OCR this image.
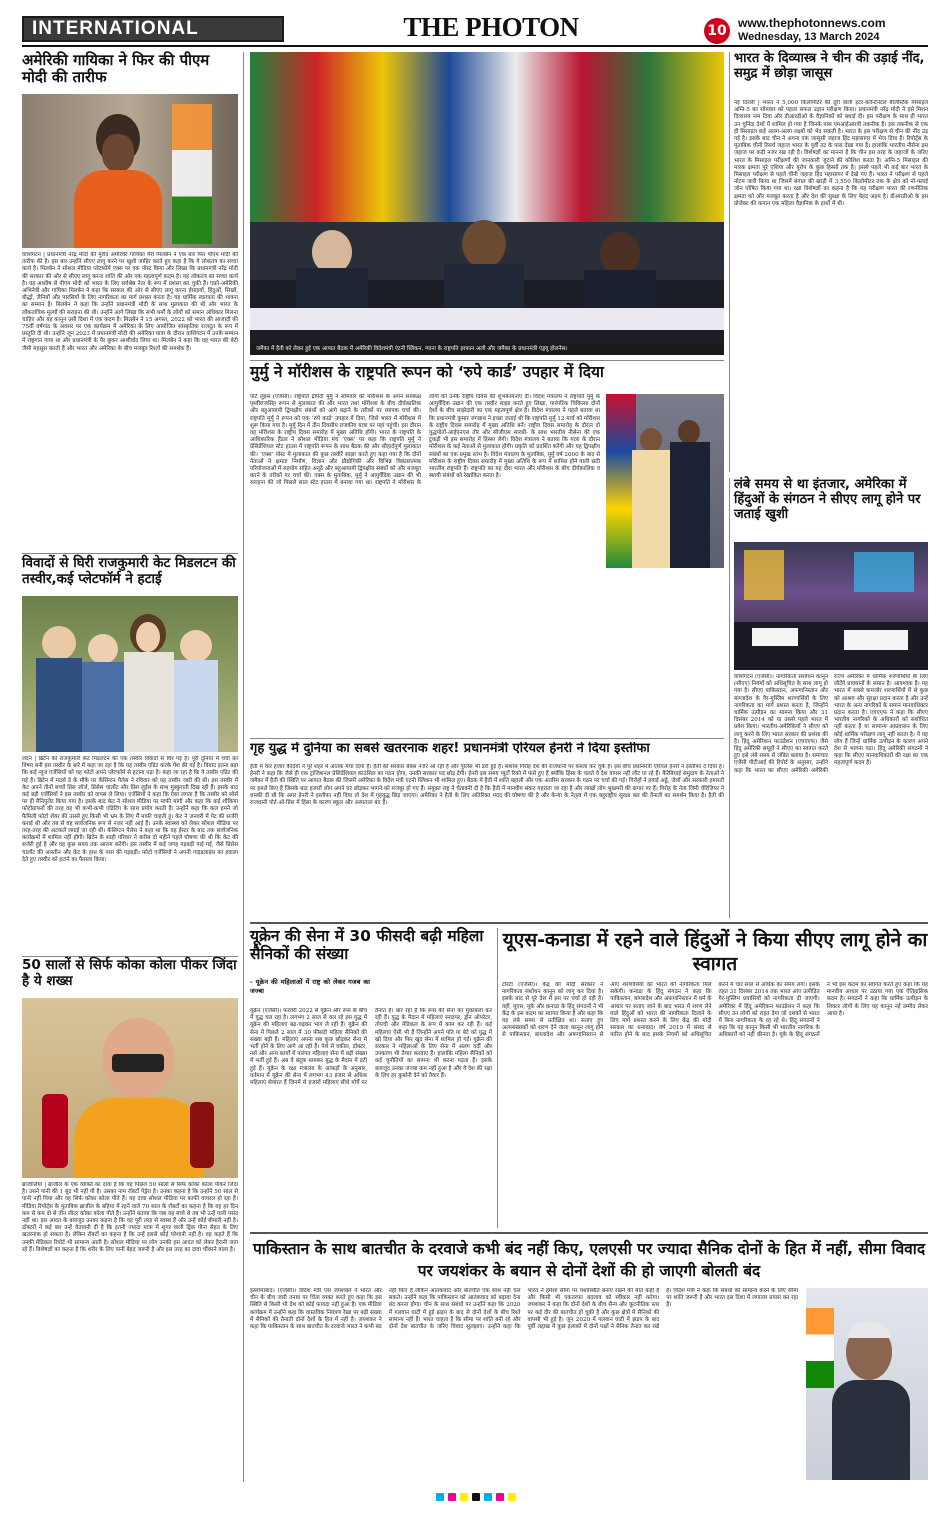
INTERNATIONAL	THE PHOTON	10 www.thephotonnews.com
Wednesday, 13 March 2024
अमेरिकी गायिका ने फिर की पीएम मोदी की तारीफ
वाशिंगटन | प्रधानमंत्री नरेंद्र मोदी की मुरीद अमेरिकी गायिका मैरी मिलबेन ने एक बार फिर पीएम मोदी की तारीफ की है। इस बार उन्होंने सीएए लागू करने पर खुशी जाहिर करते हुए कहा है कि ये लोकतंत्र का सच्चा कार्य है। मिलबेन ने सोशल मीडिया प्लेटफॉर्म एक्स पर एक पोस्ट किया और लिखा कि प्रधानमंत्री नरेंद्र मोदी की सरकार की ओर से सीएए लागू करना शांति की ओर एक महत्वपूर्ण कदम है। यह लोकतंत्र का सच्चा कार्य है। वह आशीष से पीएम मोदी को भारत के लिए सर्वश्रेष्ठ नेता के रूप में प्रशंसा कर चुकी हैं। एफ्रो-अमेरिकी अभिनेत्री और गायिका मिलबेन ने कहा कि सरकार की ओर से सीएए लागू करना ईसाइयों, हिंदुओं, सिखों, बौद्धों, जैनियों और पारसियों के लिए नागरिकता का मार्ग प्रशस्त करता है। यह धार्मिक स्वतंत्रता की भावना का सम्मान है। मिलबेन ने कहा कि उन्होंने प्रधानमंत्री मोदी के साथ मुलाकात की थी और भारत के लोकतांत्रिक मूल्यों की सराहना की थी। उन्होंने आगे लिखा कि सभी धर्मों के लोगों को समान अधिकार मिलना चाहिए और यह कानून उसी दिशा में एक कदम है। मिलबेन ने 15 अगस्त, 2022 को भारत की आजादी की 75वीं वर्षगांठ के अवसर पर एक कार्यक्रम में अमेरिका के लिए आयोजित सांस्कृतिक राजदूत के रूप में प्रस्तुति दी थी। उन्होंने जून 2023 में प्रधानमंत्री मोदी की अमेरिका यात्रा के दौरान वाशिंगटन में उनके सम्मान में राष्ट्रगान गाया था और प्रधानमंत्री के पैर छूकर आशीर्वाद लिया था। मिलबेन ने कहा कि वह भारत की बेटी जैसी महसूस करती हैं और भारत और अमेरिका के बीच मजबूत रिश्तों की समर्थक हैं।
विवादों से घिरी राजकुमारी केट मिडलटन की तस्वीर,कई प्लेटफॉर्म ने हटाई
लंदन | ब्रिटेन की राजकुमारी केट मिडलटन की एक तस्वीर विवादों से घिर गई है। पूरी दुनिया में चर्चा का विषय बनी इस तस्वीर के बारे में कहा जा रहा है कि यह तस्वीर एडिट करके पेश की गई है। विवाद इतना बढ़ा कि कई न्यूज एजेंसियों को यह फोटो अपने प्लेटफॉर्म से हटाना पड़ा है। कहा जा रहा है कि ये तस्वीर एडिट की गई है। ब्रिटेन में मदर्स डे के मौके पर केंसिंग्टन पैलेस ने रविवार को यह तस्वीर जारी की थी। इस तस्वीर में केट अपने तीनों बच्चों प्रिंस जॉर्ज, प्रिंसेस चार्लोट और प्रिंस लुईस के साथ मुस्कुराती दिख रही हैं। इसके बाद कई बड़ी एजेंसियों ने इस तस्वीर को वापस ले लिया। एजेंसियों ने कहा कि ऐसा लगता है कि तस्वीर को सोर्स पर ही मैनिपुलेट किया गया है। इसके बाद केट ने सोशल मीडिया पर माफी मांगी और कहा कि कई शौकिया फोटोग्राफरों की तरह वह भी कभी-कभी एडिटिंग के साथ प्रयोग करती हैं। उन्होंने कहा कि कल हमने जो फैमिली फोटो शेयर की उससे हुए किसी भी भ्रम के लिए मैं माफी चाहती हूं। केट ने जनवरी में पेट की सर्जरी कराई थी और तब से वह सार्वजनिक रूप से नजर नहीं आई हैं। उनके स्वास्थ्य को लेकर सोशल मीडिया पर तरह-तरह की अटकलें लगाई जा रही थीं। केंसिंग्टन पैलेस ने कहा था कि वह ईस्टर के बाद तक सार्वजनिक कार्यक्रमों में शामिल नहीं होंगी। ब्रिटेन के शाही परिवार ने करीब दो महीने पहले घोषणा की थी कि केट की सर्जरी हुई है और वह कुछ समय तक आराम करेंगी। इस तस्वीर में कई जगह गड़बड़ी पाई गई, जैसे प्रिंसेस चार्लोट की आस्तीन और केट के हाथ के पास की गड़बड़ी। फोटो एजेंसियों ने अपनी गाइडलाइंस का हवाला देते हुए तस्वीर को हटाने का फैसला किया।
50 सालों से सिर्फ कोका कोला पीकर जिंदा है ये शख्स
ब्राजीलिया | ब्राजील के एक व्यक्ति का दावा है कि वह पिछले 50 सालों से सिर्फ कोका कोला पीकर जिंदा है। उसने पानी की 1 बूंद भी नहीं पी है। उसका नाम रॉबर्टो पेड्रेरा है। उनका कहना है कि उन्होंने 50 साल से पानी नहीं पिया और वह सिर्फ कोका कोला पीते हैं। यह दावा सोशल मीडिया पर काफी वायरल हो रहा है। मीडिया रिपोर्ट्स के मुताबिक ब्राजील के बहिया में रहने वाले 70 साल के रॉबर्टो का कहना है कि वह हर दिन कम से कम दो से तीन लीटर कोका कोला पीते हैं। उन्होंने बताया कि जब वह बच्चे थे तब भी उन्हें पानी पसंद नहीं था। इस आदत के बावजूद उनका कहना है कि वह पूरी तरह से स्वस्थ हैं और उन्हें कोई बीमारी नहीं है। डॉक्टरों ने कई बार उन्हें चेतावनी दी है कि इतनी ज्यादा मात्रा में शुगर वाली ड्रिंक पीना सेहत के लिए खतरनाक हो सकता है। लेकिन रॉबर्टो का कहना है कि उन्हें इससे कोई परेशानी नहीं है। वह कहते हैं कि उनकी मेडिकल रिपोर्ट भी सामान्य आती है। सोशल मीडिया पर लोग उनकी इस आदत को लेकर हैरानी जता रहे हैं। विशेषज्ञों का कहना है कि शरीर के लिए पानी बेहद जरूरी है और इस तरह का दावा चौंकाने वाला है।
जमैका में हैती को लेकर हुई एक आपात बैठक में अमेरिकी विदेशमंत्री एंटनी ब्लिंकन, ग्याना के राष्ट्रपति इरफान अली और जमैका के प्रधानमंत्री एंड्रयू होलनेस।
भारत के दिव्यास्त्र ने चीन की उड़ाई नींद, समुद्र में छोड़ा जासूस
नई दिल्ली | भारत ने 5,000 किलोमीटर की दूरी वाली इंटर-कॉन्टिनेंटल बैलिस्टिक मिसाइल अग्नि-5 का सोमवार को पहला सफल उड़ान परीक्षण किया। प्रधानमंत्री नरेंद्र मोदी ने इसे मिशन दिव्यास्त्र नाम दिया और डीआरडीओ के वैज्ञानिकों को बधाई दी। इस परीक्षण के साथ ही भारत उन चुनिंदा देशों में शामिल हो गया है जिनके पास एमआईआरवी तकनीक है। इस तकनीक से एक ही मिसाइल कई अलग-अलग लक्ष्यों को भेद सकती है। भारत के इस परीक्षण से चीन की नींद उड़ गई है। इसके बाद चीन ने अपना एक जासूसी जहाज हिंद महासागर में भेज दिया है। रिपोर्ट्स के मुताबिक चीनी रिसर्च जहाज भारत के पूर्वी तट के पास देखा गया है। हालांकि भारतीय नौसेना इस जहाज पर कड़ी नजर रख रही है। विशेषज्ञों का मानना है कि चीन इस तरह के जहाजों के जरिए भारत के मिसाइल परीक्षणों की जानकारी जुटाने की कोशिश करता है। अग्नि-5 मिसाइल की मारक क्षमता पूरे एशिया और यूरोप के कुछ हिस्सों तक है। इससे पहले भी कई बार भारत के मिसाइल परीक्षण से पहले चीनी जहाज हिंद महासागर में देखे गए हैं। भारत ने परीक्षण से पहले नोटम जारी किया था जिसमें बंगाल की खाड़ी में 3,550 किलोमीटर तक के क्षेत्र को नो-फ्लाई जोन घोषित किया गया था। रक्षा विशेषज्ञों का कहना है कि यह परीक्षण भारत की रणनीतिक क्षमता को और मजबूत करता है और देश की सुरक्षा के लिए बेहद अहम है। डीआरडीओ के इस प्रोजेक्ट की कमान एक महिला वैज्ञानिक के हाथों में थी।
मुर्मु ने मॉरीशस के राष्ट्रपति रूपन को ‘रुपे कार्ड’ उपहार में दिया
पोर्ट लुइस (एजेंसी)। राष्ट्रपति द्रौपदी मुर्मु ने सोमवार को मॉरीशस के अपने समकक्ष पृथ्वीराजसिंह रूपन से मुलाकात की और भारत तथा मॉरीशस के बीच दीर्घकालिक और बहुआयामी द्विपक्षीय संबंधों को आगे बढ़ाने के तरीकों पर व्यापक चर्चा की। राष्ट्रपति मुर्मु ने रूपन को एक ‘रुपे कार्ड’ उपहार में दिया, जिसे भारत में मॉरीशस में शुरू किया गया है। मुर्मु दिन में तीन दिवसीय राजकीय यात्रा पर यहां पहुंचीं। इस दौरान वह मॉरीशस के राष्ट्रीय दिवस समारोह में मुख्य अतिथि होंगी। भारत के राष्ट्रपति के आधिकारिक हैंडल ने सोशल मीडिया मंच ‘एक्स’ पर कहा कि राष्ट्रपति मुर्मु ने प्रेसिडेंशियल स्टेट हाउस में राष्ट्रपति रूपन के साथ बैठक की और सौहार्दपूर्ण मुलाकात की। ‘एक्स’ पोस्ट में मुलाकात की कुछ तस्वीरें साझा करते हुए कहा गया है कि दोनों नेताओं ने क्षमता निर्माण, विज्ञान और प्रौद्योगिकी और विभिन्न विकासात्मक परियोजनाओं में सहयोग सहित अनूठे और बहुआयामी द्विपक्षीय संबंधों को और मजबूत करने के तरीकों पर चर्चा की। एक्स के मुताबिक, मुर्मु ने आयुर्वेदिक उद्यान की भी सराहना की जो पिछले साल स्टेट हाउस में बनाया गया था। राष्ट्रपति ने मॉरीशस के लोगों को उनके राष्ट्रीय दिवस की शुभकामनाएं दीं। विदेश मंत्रालय ने राष्ट्रपति मुर्मु के आयुर्वेदिक उद्यान की एक तस्वीर साझा करते हुए लिखा, पारंपरिक चिकित्सा दोनों देशों के बीच साझेदारी का एक महत्वपूर्ण क्षेत्र है। विदेश मंत्रालय ने पहले बताया था कि प्रधानमंत्री कुमार जगन्नाथ ने इच्छा जताई थी कि राष्ट्रपति मुर्मु 12 मार्च को मॉरीशस के राष्ट्रीय दिवस समारोह में मुख्य अतिथि बनें। राष्ट्रीय दिवस समारोह के दौरान दो युद्धपोतों-आईएनएस तीर और सीजीएस सारथी- के साथ भारतीय नौसेना की एक टुकड़ी भी इस समारोह में हिस्सा लेगी। विदेश मंत्रालय ने बताया कि यात्रा के दौरान मॉरीशस के कई नेताओं से मुलाकात होगी। प्रकृति को प्रदर्शित करेंगी और यह द्विपक्षीय संबंधों का एक प्रमुख स्तंभ है। विदेश मंत्रालय के मुताबिक, मुर्मु वर्ष 2000 के बाद से मॉरीशस के राष्ट्रीय दिवस समारोह में मुख्य अतिथि के रूप में शामिल होने वाली छठी भारतीय राष्ट्रपति हैं। राष्ट्रपति का यह दौरा भारत और मॉरीशस के बीच दीर्घकालिक व स्थायी संबंधों को रेखांकित करता है।
लंबे समय से था इंतजार, अमेरिका में हिंदुओं के संगठन ने सीएए लागू होने पर जताई खुशी
वाशिंगटन (एजेंसी)। नागरिकता संशोधन कानून (सीएए) नियमों को अधिसूचित के साथ लागू हो गया है। सीएए पाकिस्तान, अफगानिस्तान और बांग्लादेश के गैर-मुस्लिम शरणार्थियों के लिए नागरिकता का मार्ग प्रशस्त करता है, जिन्होंने धार्मिक उत्पीड़न का सामना किया और 31 दिसंबर 2014 को या उससे पहले भारत में प्रवेश किया। भारतीय-अमेरिकियों ने सीएए को लागू करने के लिए भारत सरकार की प्रशंसा की है। हिंदू अमेरिकन फाउंडेशन (एचएएफ) जैसे हिंदू अमेरिकी समूहों ने सीएए का स्वागत करते हुए इसे लंबे समय से लंबित बताया है। समाचार एजेंसी पीटीआई की रिपोर्ट के अनुसार, उन्होंने कहा कि भारत का सीएए अमेरिकी अमेरिकी राज्य अमेरिका में धार्मिक शरणार्थियों के लिए लौटेंगे प्रावधानों के समान है। आवश्यक है। यह भारत में सबसे कमजोर शरणार्थियों में से कुछ को आश्रय और सुरक्षा प्रदान करता है और उन्हें भारत के अन्य नागरिकों के समान मानवाधिकार प्रदान करता है। एचएएफ ने कहा कि सीएए भारतीय नागरिकों के अधिकारों को संशोधित नहीं करता है या सामान्य आप्रवासन के लिए कोई धार्मिक परीक्षण लागू नहीं करता है। ये वह लोग हैं जिन्हें धार्मिक उत्पीड़न के कारण अपने देश से भागना पड़ा। हिंदू अमेरिकी संगठनों ने कहा कि सीएए मानवाधिकारों की रक्षा का एक महत्वपूर्ण कदम है।
गृह युद्ध में दुनिया का सबसे खतरनाक शहर! प्रधानमंत्री एरियल हेनरी ने दिया इस्तीफा
हैती में चार हजार कैदियों ने पूरे शहर में आतंक मचा दिया है। हैती की सरकार बेबस नजर आ रही है और पुलिस भी डरी हुई है। सशस्त्र गिरोह देश की राजधानी पर कब्जा कर चुके हैं। इस बीच प्रधानमंत्री एरियल हेनरी ने इस्तीफा दे दिया है। हेनरी ने कहा कि जैसे ही एक ट्रांजिशनल प्रेसिडेंशियल काउंसिल का गठन होगा, उनकी सरकार पद छोड़ देगी। हेनरी इस समय प्यूर्टो रिको में फंसे हुए हैं क्योंकि हिंसा के चलते वे देश वापस नहीं लौट पा रहे हैं। कैरेबियाई समुदाय के नेताओं ने जमैका में हैती की स्थिति पर आपात बैठक की जिसमें अमेरिका के विदेश मंत्री एंटनी ब्लिंकन भी शामिल हुए। बैठक में हैती में शांति बहाली और एक अंतरिम सरकार के गठन पर चर्चा की गई। गिरोहों ने हवाई अड्डे, जेलों और सरकारी इमारतों पर हमले किए हैं जिसके बाद हजारों लोग अपने घर छोड़कर भागने को मजबूर हो गए हैं। संयुक्त राष्ट्र ने चेतावनी दी है कि हैती में मानवीय संकट गहराता जा रहा है और लाखों लोग भुखमरी की कगार पर हैं। गिरोह के नेता जिमी चेरिजियर ने धमकी दी थी कि अगर हेनरी ने इस्तीफा नहीं दिया तो देश में गृहयुद्ध छिड़ जाएगा। अमेरिका ने हैती के लिए अतिरिक्त मदद की घोषणा की है और केन्या के नेतृत्व में एक बहुराष्ट्रीय सुरक्षा बल की तैनाती का समर्थन किया है। हैती की राजधानी पोर्ट-ओ-प्रिंस में हिंसा के कारण स्कूल और अस्पताल बंद हैं।
यूक्रेन की सेना में 30 फीसदी बढ़ी महिला सैनिकों की संख्या
- यूक्रेन की महिलाओं में राष्ट्र को लेकर गजब का जज्बा
यूक्रेन (एजेंसी)। फरवरी 2022 से यूक्रेन और रूस के बीच में युद्ध चल रहा है। लगभग 2 साल से चल रहे इस युद्ध में यूक्रेन की महिलाएं बढ़-चढ़कर भाग ले रही हैं। यूक्रेन की सेना में पिछले 2 साल में 30 फीसदी महिला सैनिकों की संख्या बढ़ी है। महिलाएं अपना सब कुछ छोड़कर सेना में भर्ती होने के लिए आगे आ रही हैं। पेशे से वकील, डॉक्टर, नर्स और अन्य कार्यों में पारंगत महिलाएं सेना में बड़ी संख्या में भर्ती हुई हैं। अब वे बंदूक थामकर युद्ध के मैदान में डटी हुई हैं। यूक्रेन के रक्षा मंत्रालय के आंकड़ों के अनुसार, वर्तमान में यूक्रेन की सेना में लगभग 43 हजार से अधिक महिलाएं सेवारत हैं जिनमें से हजारों महिलाएं सीधे मोर्चे पर तैनात हैं। बार रहा है कि रूस की सेना का मुकाबला कर रही हैं। युद्ध के मैदान में महिलाएं स्नाइपर, ड्रोन ऑपरेटर, तोपची और मेडिकल के रूप में काम कर रही हैं। कई महिलाएं ऐसी भी हैं जिन्होंने अपने पति या बेटे को युद्ध में खो दिया और फिर खुद सेना में शामिल हो गईं। यूक्रेन की सरकार ने महिलाओं के लिए सेना में अलग वर्दी और उपकरण भी तैयार करवाए हैं। हालांकि महिला सैनिकों को कई चुनौतियों का सामना भी करना पड़ता है। इसके बावजूद उनका जज्बा कम नहीं हुआ है और वे देश की रक्षा के लिए हर कुर्बानी देने को तैयार हैं।
यूएस-कनाडा में रहने वाले हिंदुओं ने किया सीएए लागू होने का स्वागत
टोरंटो (एजेंसी)। केंद्र की मोदी सरकार ने नागरिकता संशोधन कानून को लागू कर दिया है। इसके बाद से पूरे देश में इस पर चर्चा हो रही है। वहीं, यूएस, यूके और कनाडा के हिंदू संगठनों ने भी केंद्र के इस कदम का स्वागत किया है और कहा कि यह लंबे समय से प्रतीक्षित था। सताए हुए अल्पसंख्यकों को शरण देने वाला कानून लागू होने से पाकिस्तान, बांग्लादेश और अफगानिस्तान से आए शरणार्थियों को भारत की नागरिकता मिल सकेगी। कनाडा के हिंदू संगठन ने कहा कि पाकिस्तान, बांग्लादेश और अफगानिस्तान में धर्म के आधार पर सताए जाने के बाद भारत में शरण लेने वाले हिंदुओं को भारत की नागरिकता दिलाने के लिए मार्ग प्रशस्त करने के लिए केंद्र की मोदी सरकार का धन्यवाद। वर्ष 2019 में संसद से पारित होने के बाद इसके नियमों को अधिसूचित करने में चार साल से अधिक का समय लगा। इसके तहत 31 दिसंबर 2014 तक भारत आए उत्पीड़ित गैर-मुस्लिम प्रवासियों को नागरिकता दी जाएगी। अमेरिका में हिंदू अमेरिकन फाउंडेशन ने कहा कि सीएए उन लोगों को राहत देगा जो दशकों से भारत में बिना नागरिकता के रह रहे थे। हिंदू संगठनों ने कहा कि यह कानून किसी भी भारतीय नागरिक के अधिकारों को नहीं छीनता है। यूके के हिंदू संगठनों ने भी इस कदम का स्वागत करते हुए कहा कि यह मानवीय आधार पर उठाया गया एक ऐतिहासिक कदम है। संगठनों ने कहा कि धार्मिक उत्पीड़न के शिकार लोगों के लिए यह कानून नई उम्मीद लेकर आया है।
पाकिस्तान के साथ बातचीत के दरवाजे कभी बंद नहीं किए, एलएसी पर ज्यादा सैनिक दोनों के हित में नहीं, सीमा विवाद पर जयशंकर के बयान से दोनों देशों की हो जाएगी बोलती बंद
इस्लामाबाद। (एजेंसी)। विदेश मंत्री एस जयशंकर ने भारत और चीन के बीच जारी तनाव पर चिंता व्यक्त करते हुए कहा कि इस स्थिति से किसी भी देश को कोई फायदा नहीं हुआ है। एक मीडिया कार्यक्रम में उन्होंने कहा कि वास्तविक नियंत्रण रेखा पर बड़ी संख्या में सैनिकों की तैनाती दोनों देशों के हित में नहीं है। जयशंकर ने कहा कि पाकिस्तान के साथ बातचीत के दरवाजे भारत ने कभी बंद नहीं किए हैं लेकिन आतंकवाद और बातचीत एक साथ नहीं चल सकते। उन्होंने कहा कि पाकिस्तान को आतंकवाद को बढ़ावा देना बंद करना होगा। चीन के साथ संबंधों पर उन्होंने कहा कि 2020 में गलवान घाटी में हुई झड़प के बाद से दोनों देशों के बीच रिश्ते सामान्य नहीं हैं। भारत चाहता है कि सीमा पर शांति बनी रहे और दोनों देश बातचीत के जरिए विवाद सुलझाएं। उन्होंने कहा कि भारत ने हमेशा सीमा पर यथास्थिति बनाए रखने की बात कही है और किसी भी एकतरफा बदलाव को स्वीकार नहीं करेगा। जयशंकर ने कहा कि दोनों देशों के बीच सैन्य और कूटनीतिक स्तर पर कई दौर की बातचीत हो चुकी है और कुछ क्षेत्रों में सैनिकों की वापसी भी हुई है। जून 2020 में गलवान घाटी में झड़प के बाद पूर्वी लद्दाख में कुछ इलाकों में दोनों पक्षों ने सैनिक तैनात कर रखे हैं। विदेश मंत्री ने कहा कि संबंधों को सामान्य करने के लिए सीमा पर शांति जरूरी है और भारत इस दिशा में लगातार प्रयास कर रहा है।
